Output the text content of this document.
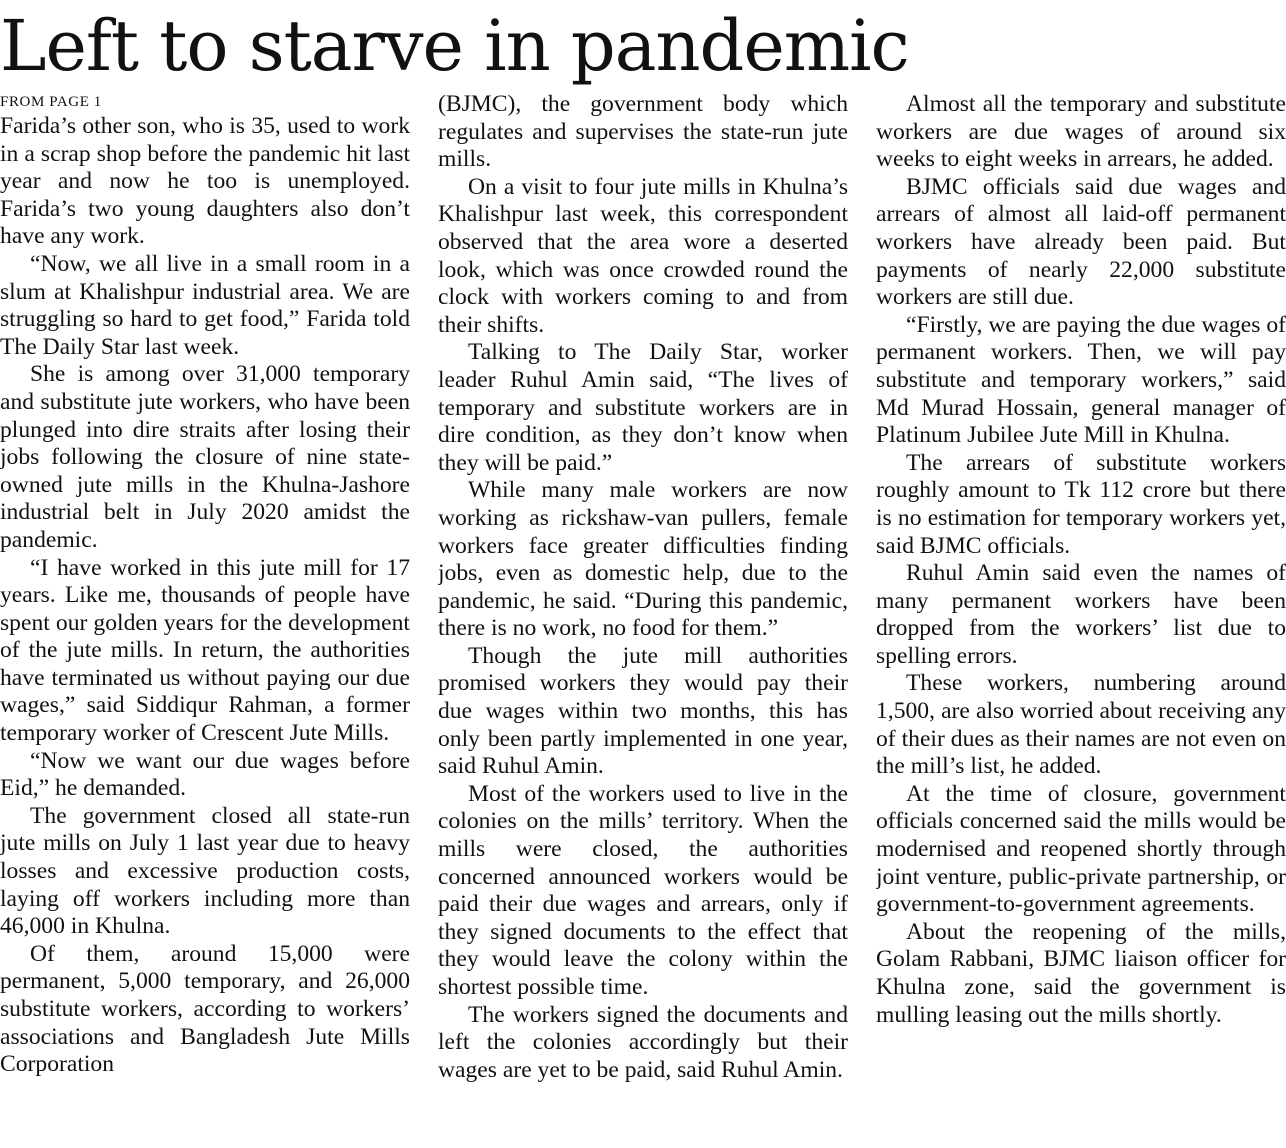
Left to starve in pandemic
FROM PAGE 1

Farida’s other son, who is 35, used to work in a scrap shop before the pandemic hit last year and now he too is unemployed. Farida’s two young daughters also don’t have any work.

“Now, we all live in a small room in a slum at Khalishpur industrial area. We are struggling so hard to get food,” Farida told The Daily Star last week.

She is among over 31,000 temporary and substitute jute workers, who have been plunged into dire straits after losing their jobs following the closure of nine state-owned jute mills in the Khulna-Jashore industrial belt in July 2020 amidst the pandemic.

“I have worked in this jute mill for 17 years. Like me, thousands of people have spent our golden years for the development of the jute mills. In return, the authorities have terminated us without paying our due wages,” said Siddiqur Rahman, a former temporary worker of Crescent Jute Mills.

“Now we want our due wages before Eid,” he demanded.

The government closed all state-run jute mills on July 1 last year due to heavy losses and excessive production costs, laying off workers including more than 46,000 in Khulna.

Of them, around 15,000 were permanent, 5,000 temporary, and 26,000 substitute workers, according to workers’ associations and Bangladesh Jute Mills Corporation

(BJMC), the government body which regulates and supervises the state-run jute mills.

On a visit to four jute mills in Khulna’s Khalishpur last week, this correspondent observed that the area wore a deserted look, which was once crowded round the clock with workers coming to and from their shifts.

Talking to The Daily Star, worker leader Ruhul Amin said, “The lives of temporary and substitute workers are in dire condition, as they don’t know when they will be paid.”

While many male workers are now working as rickshaw-van pullers, female workers face greater difficulties finding jobs, even as domestic help, due to the pandemic, he said. “During this pandemic, there is no work, no food for them.”

Though the jute mill authorities promised workers they would pay their due wages within two months, this has only been partly implemented in one year, said Ruhul Amin.

Most of the workers used to live in the colonies on the mills’ territory. When the mills were closed, the authorities concerned announced workers would be paid their due wages and arrears, only if they signed documents to the effect that they would leave the colony within the shortest possible time.

The workers signed the documents and left the colonies accordingly but their wages are yet to be paid, said Ruhul Amin.

Almost all the temporary and substitute workers are due wages of around six weeks to eight weeks in arrears, he added.

BJMC officials said due wages and arrears of almost all laid-off permanent workers have already been paid. But payments of nearly 22,000 substitute workers are still due.

“Firstly, we are paying the due wages of permanent workers. Then, we will pay substitute and temporary workers,” said Md Murad Hossain, general manager of Platinum Jubilee Jute Mill in Khulna.

The arrears of substitute workers roughly amount to Tk 112 crore but there is no estimation for temporary workers yet, said BJMC officials.

Ruhul Amin said even the names of many permanent workers have been dropped from the workers’ list due to spelling errors.

These workers, numbering around 1,500, are also worried about receiving any of their dues as their names are not even on the mill’s list, he added.

At the time of closure, government officials concerned said the mills would be modernised and reopened shortly through joint venture, public-private partnership, or government-to-government agreements.

About the reopening of the mills, Golam Rabbani, BJMC liaison officer for Khulna zone, said the government is mulling leasing out the mills shortly.
